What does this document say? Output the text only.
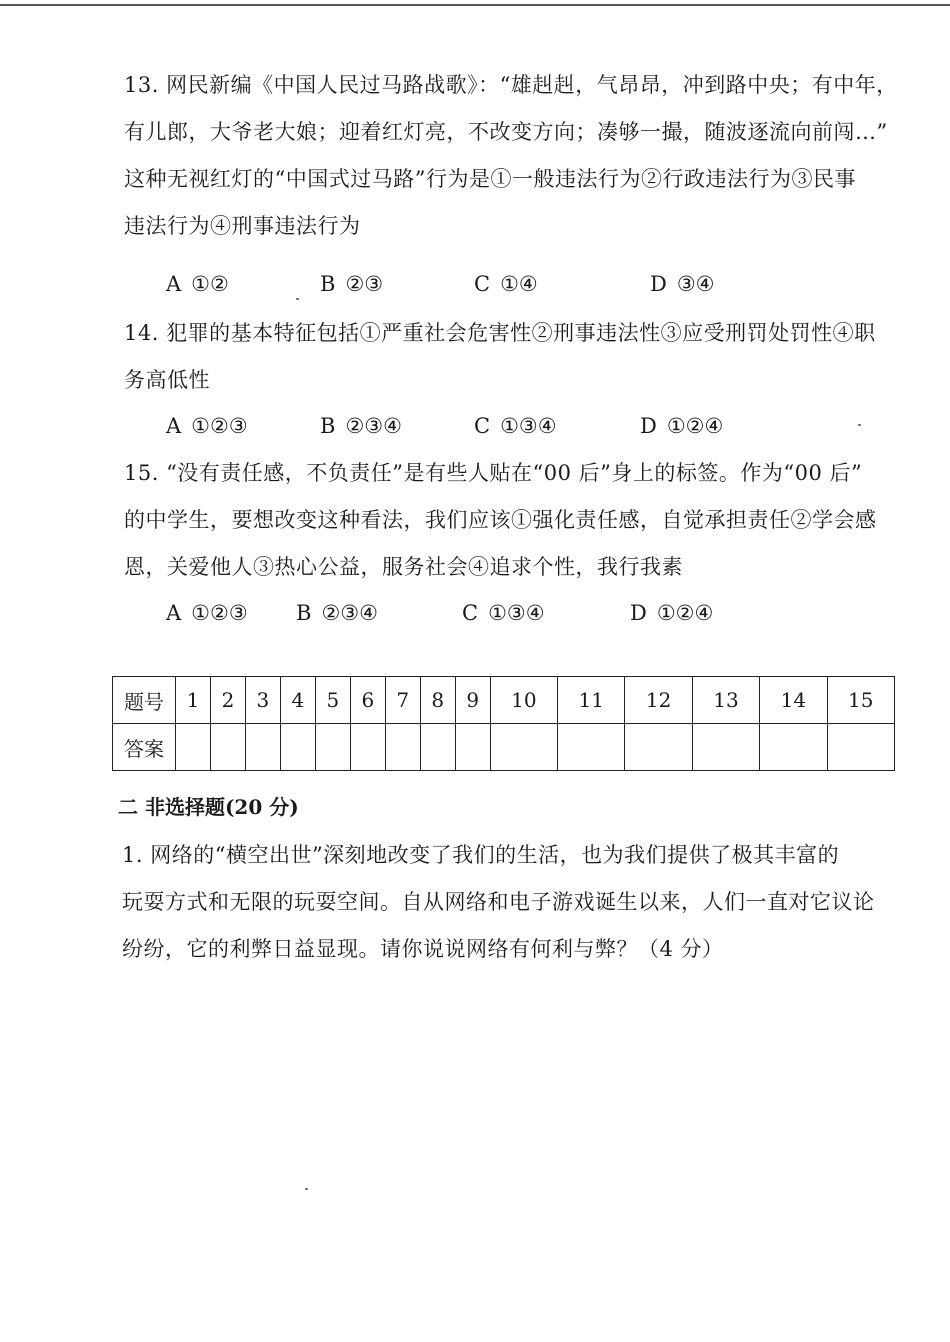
13. 网民新编《中国人民过马路战歌》：“雄赳赳，气昂昂，冲到路中央；有中年，
有儿郎，大爷老大娘；迎着红灯亮，不改变方向；凑够一撮，随波逐流向前闯…”
这种无视红灯的“中国式过马路”行为是①一般违法行为②行政违法行为③民事
违法行为④刑事违法行为
A ①②	B ②③	C ①④	D ③④
14. 犯罪的基本特征包括①严重社会危害性②刑事违法性③应受刑罚处罚性④职
务高低性
A ①②③	B ②③④	C ①③④	D ①②④
15. “没有责任感，不负责任”是有些人贴在“00 后”身上的标签。作为“00 后”
的中学生，要想改变这种看法，我们应该①强化责任感，自觉承担责任②学会感
恩，关爱他人③热心公益，服务社会④追求个性，我行我素
A ①②③ B ②③④	C ①③④	D ①②④
题号	1	2	3	4	5	6	7	8	9	10	11	12	13	14	15
答案															
二 非选择题(20 分)
1. 网络的“横空出世”深刻地改变了我们的生活，也为我们提供了极其丰富的
玩耍方式和无限的玩耍空间。自从网络和电子游戏诞生以来，人们一直对它议论
纷纷，它的利弊日益显现。请你说说网络有何利与弊？（4 分）
